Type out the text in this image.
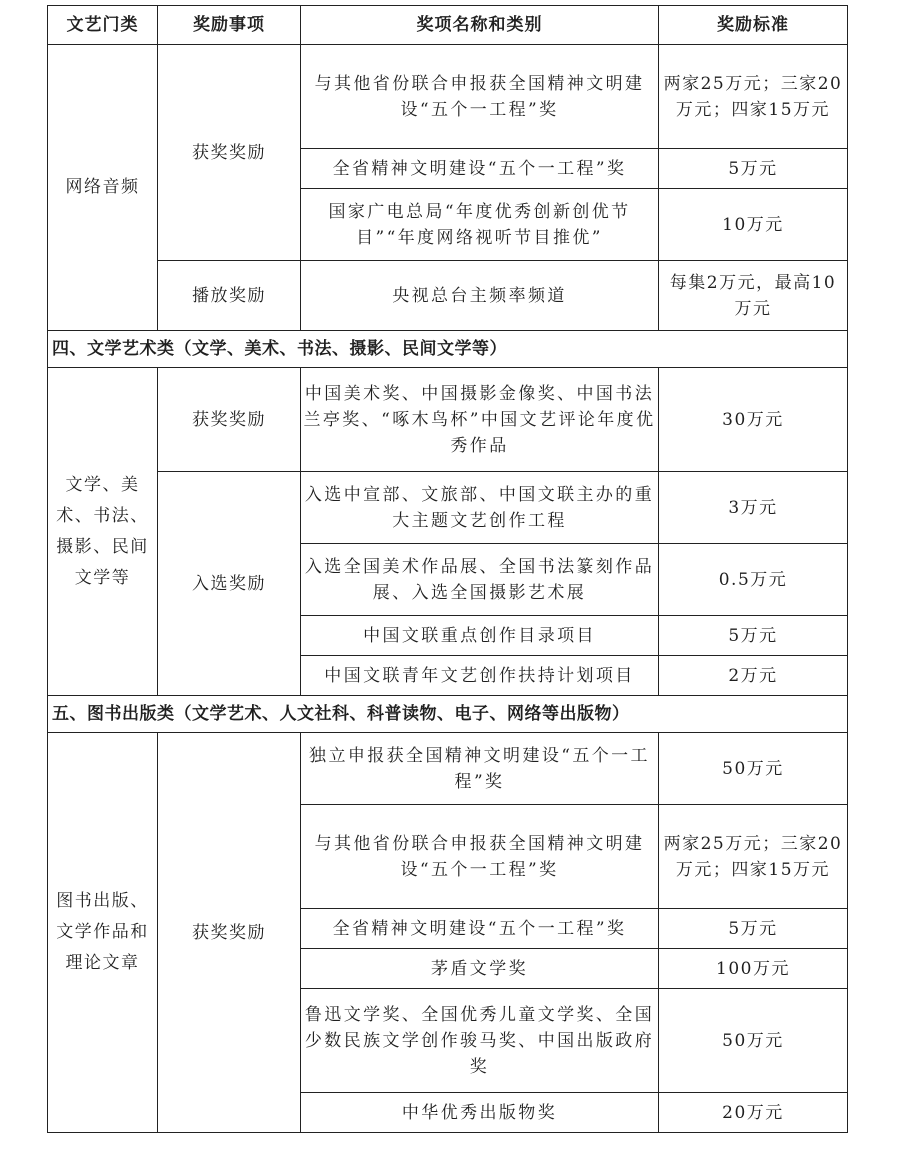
文艺门类	奖励事项	奖项名称和类别	奖励标准
网络音频	获奖奖励	与其他省份联合申报获全国精神文明建设“五个一工程”奖	两家25万元；三家20万元；四家15万元
		全省精神文明建设“五个一工程”奖	5万元
		国家广电总局“年度优秀创新创优节目”“年度网络视听节目推优”	10万元
	播放奖励	央视总台主频率频道	每集2万元，最高10万元
四、文学艺术类（文学、美术、书法、摄影、民间文学等）			
文学、美术、书法、摄影、民间文学等	获奖奖励	中国美术奖、中国摄影金像奖、中国书法兰亭奖、“啄木鸟杯”中国文艺评论年度优秀作品	30万元
	入选奖励	入选中宣部、文旅部、中国文联主办的重大主题文艺创作工程	3万元
		入选全国美术作品展、全国书法篆刻作品展、入选全国摄影艺术展	0.5万元
		中国文联重点创作目录项目	5万元
		中国文联青年文艺创作扶持计划项目	2万元
五、图书出版类（文学艺术、人文社科、科普读物、电子、网络等出版物）			
图书出版、文学作品和理论文章	获奖奖励	独立申报获全国精神文明建设“五个一工程”奖	50万元
		与其他省份联合申报获全国精神文明建设“五个一工程”奖	两家25万元；三家20万元；四家15万元
		全省精神文明建设“五个一工程”奖	5万元
		茅盾文学奖	100万元
		鲁迅文学奖、全国优秀儿童文学奖、全国少数民族文学创作骏马奖、中国出版政府奖	50万元
		中华优秀出版物奖	20万元
